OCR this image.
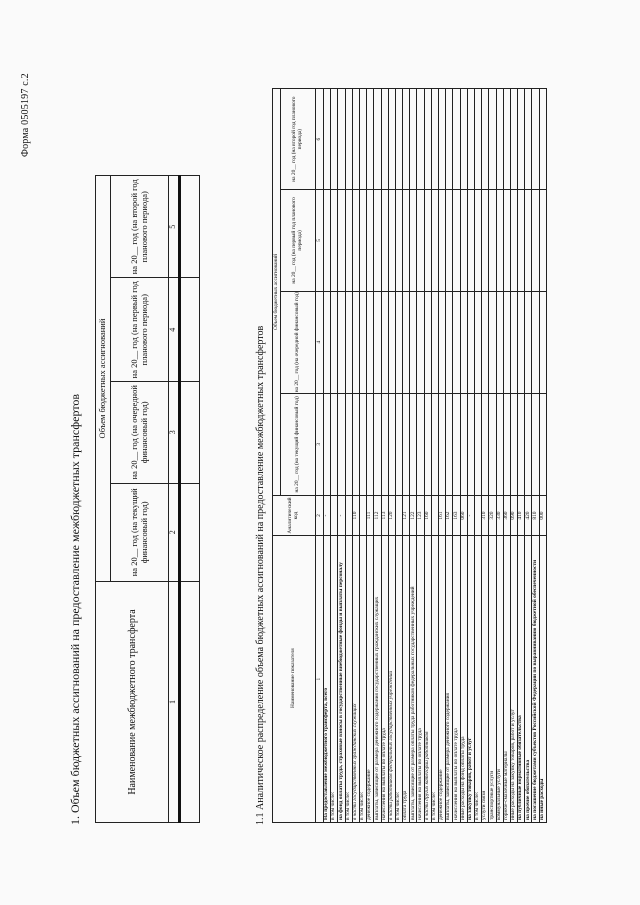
Форма 0505197 с.2
1. Объем бюджетных ассигнований на предоставление межбюджетных трансфертов	Наименование межбюджетного трансферта	Объем бюджетных ассигнований			
	на 20__ год (на текущий финансовый год)	на 20__ год (на очередной финансовый год)	на 20__ год (на первый год планового периода)	на 20__ год (на второй год планового периода)
1	2	3	4	5

1.1 Аналитическое распределение объема бюджетных ассигнований на предоставление межбюджетных трансфертов	Наименование показателя	Аналитический код	Объем бюджетных ассигнований			
		на 20__ год (на текущий финансовый год)	на 20__ год (на очередной финансовый год)	на 20__ год (на первый год планового периода)	на 20__ год (на второй год планового периода)
1	2	3	4	5	6
На предоставление межбюджетного трансферта, всего	-				
в том числе:					
на фонд оплаты труда, страховые взносы в государственные внебюджетные фонды и выплаты персоналу	-				
в том числе:					
в части государственных гражданских служащих	110				
в том числе:					
денежное содержание	111				
выплаты, зависящие от размера денежного содержания государственных гражданских служащих	112				
начисления на выплаты по оплате труда	113				
в части работников федеральных государственных учреждений	120				
в том числе:					
оплата труда	121				
выплаты, зависящие от размера оплаты труда работников федеральных государственных учреждений	122				
начисления на выплаты по оплате труда	123				
в части других категорий работников	160				
в том числе:					
денежное содержание	161				
выплаты, зависящие от размера денежного содержания	162				
начисления на выплаты по оплате труда	163				
иные расходы на фонд оплаты труда	060				
на закупку товаров, работ и услуг	-				
в том числе:					
услуги связи	310				
транспортные услуги	320				
коммунальные услуги	330				
горюче-смазочные материалы	360				
иные расходы на закупку товаров, работ и услуг	090				
на публичные нормативные обязательства	410				
на прочие обязательства	420				
на погашение бюджетами субъектов Российской Федерации по выравниванию бюджетной обеспеченности	810				
на иные расходы	000				
